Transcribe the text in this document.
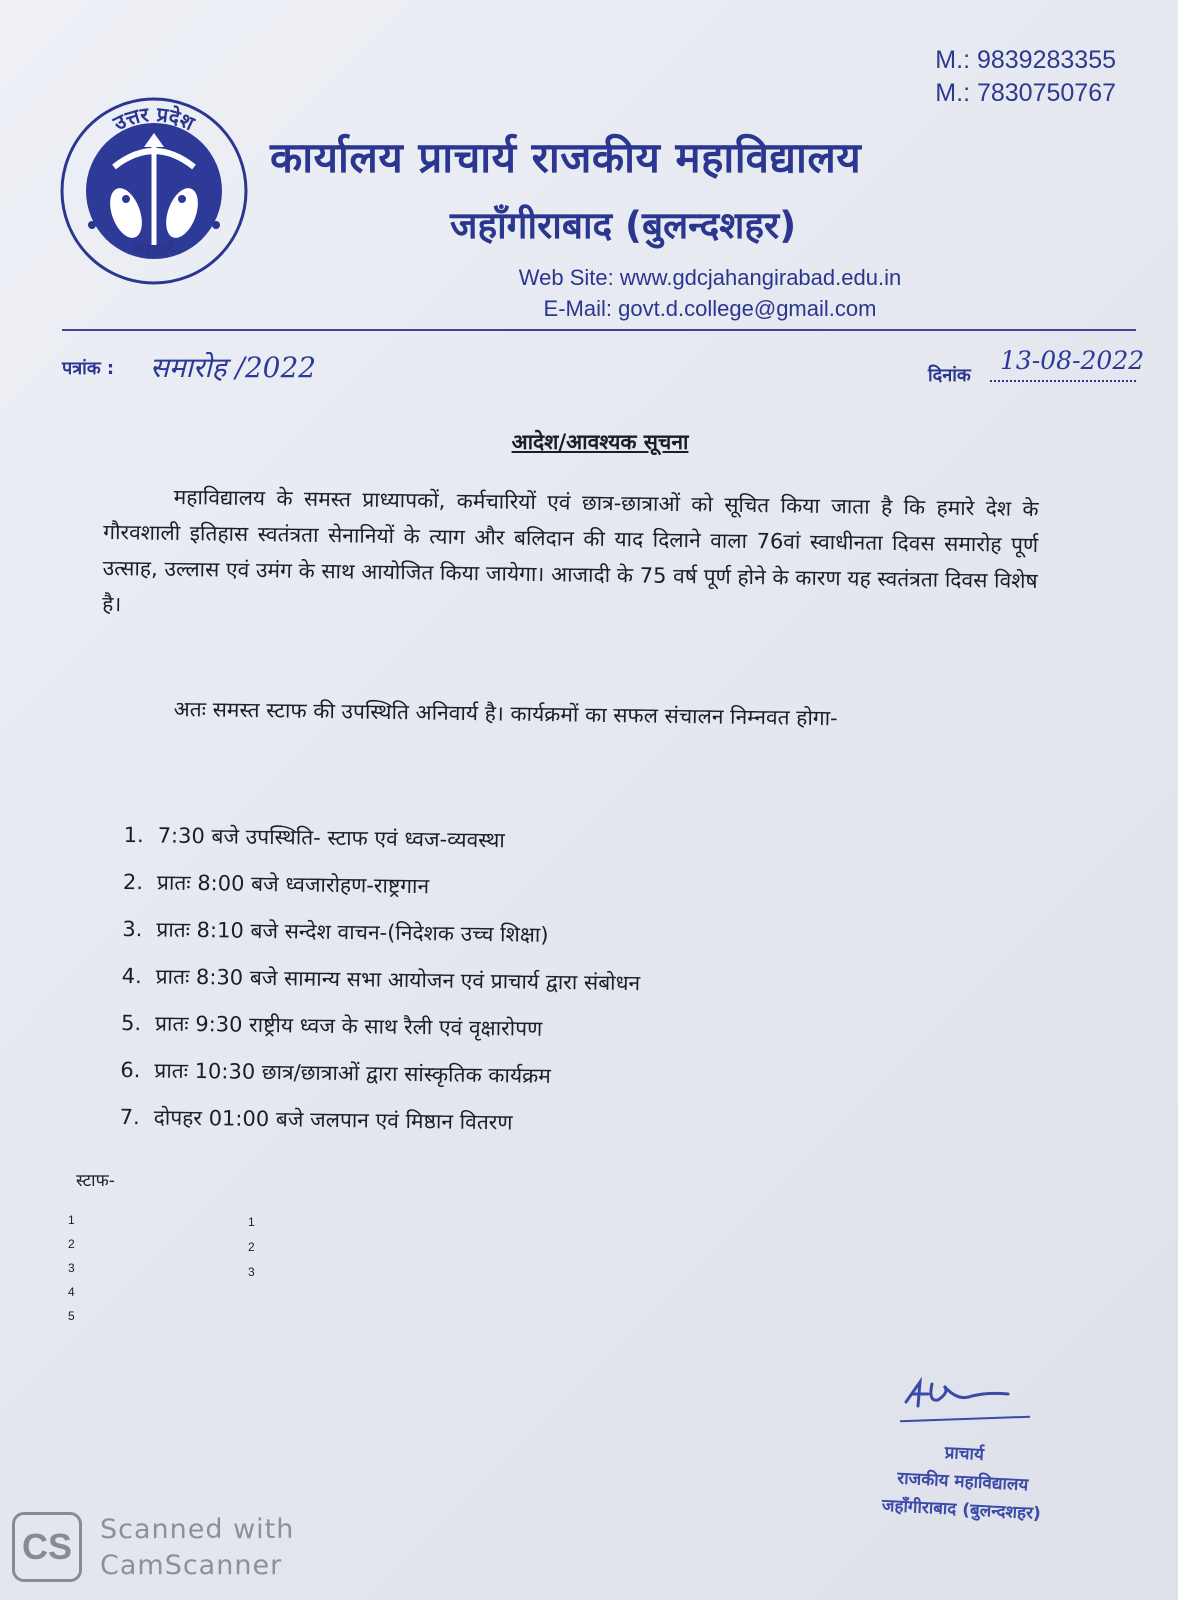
M.: 9839283355
M.: 7830750767
उत्तर प्रदेश
सरकार
कार्यालय प्राचार्य राजकीय महाविद्यालय
जहाँगीराबाद (बुलन्दशहर)
Web Site: www.gdcjahangirabad.edu.in
E-Mail: govt.d.college@gmail.com
पत्रांक : समारोह /2022	दिनांक
13-08-2022
आदेश/आवश्यक सूचना
महाविद्यालय के समस्त प्राध्यापकों, कर्मचारियों एवं छात्र-छात्राओं को सूचित किया जाता है कि हमारे देश के गौरवशाली इतिहास स्वतंत्रता सेनानियों के त्याग और बलिदान की याद दिलाने वाला 76वां स्वाधीनता दिवस समारोह पूर्ण उत्साह, उल्लास एवं उमंग के साथ आयोजित किया जायेगा। आजादी के 75 वर्ष पूर्ण होने के कारण यह स्वतंत्रता दिवस विशेष है।
अतः समस्त स्टाफ की उपस्थिति अनिवार्य है। कार्यक्रमों का सफल संचालन निम्नवत होगा-
1. 7:30 बजे उपस्थिति- स्टाफ एवं ध्वज-व्यवस्था
2. प्रातः 8:00 बजे ध्वजारोहण-राष्ट्रगान
3. प्रातः 8:10 बजे सन्देश वाचन-(निदेशक उच्च शिक्षा)
4. प्रातः 8:30 बजे सामान्य सभा आयोजन एवं प्राचार्य द्वारा संबोधन
5. प्रातः 9:30 राष्ट्रीय ध्वज के साथ रैली एवं वृक्षारोपण
6. प्रातः 10:30 छात्र/छात्राओं द्वारा सांस्कृतिक कार्यक्रम
7. दोपहर 01:00 बजे जलपान एवं मिष्ठान वितरण
स्टाफ-
1
2
3
4
5
1
2
3
प्राचार्य
राजकीय महाविद्यालय
जहाँगीराबाद (बुलन्दशहर)
CS	Scanned with
CamScanner
